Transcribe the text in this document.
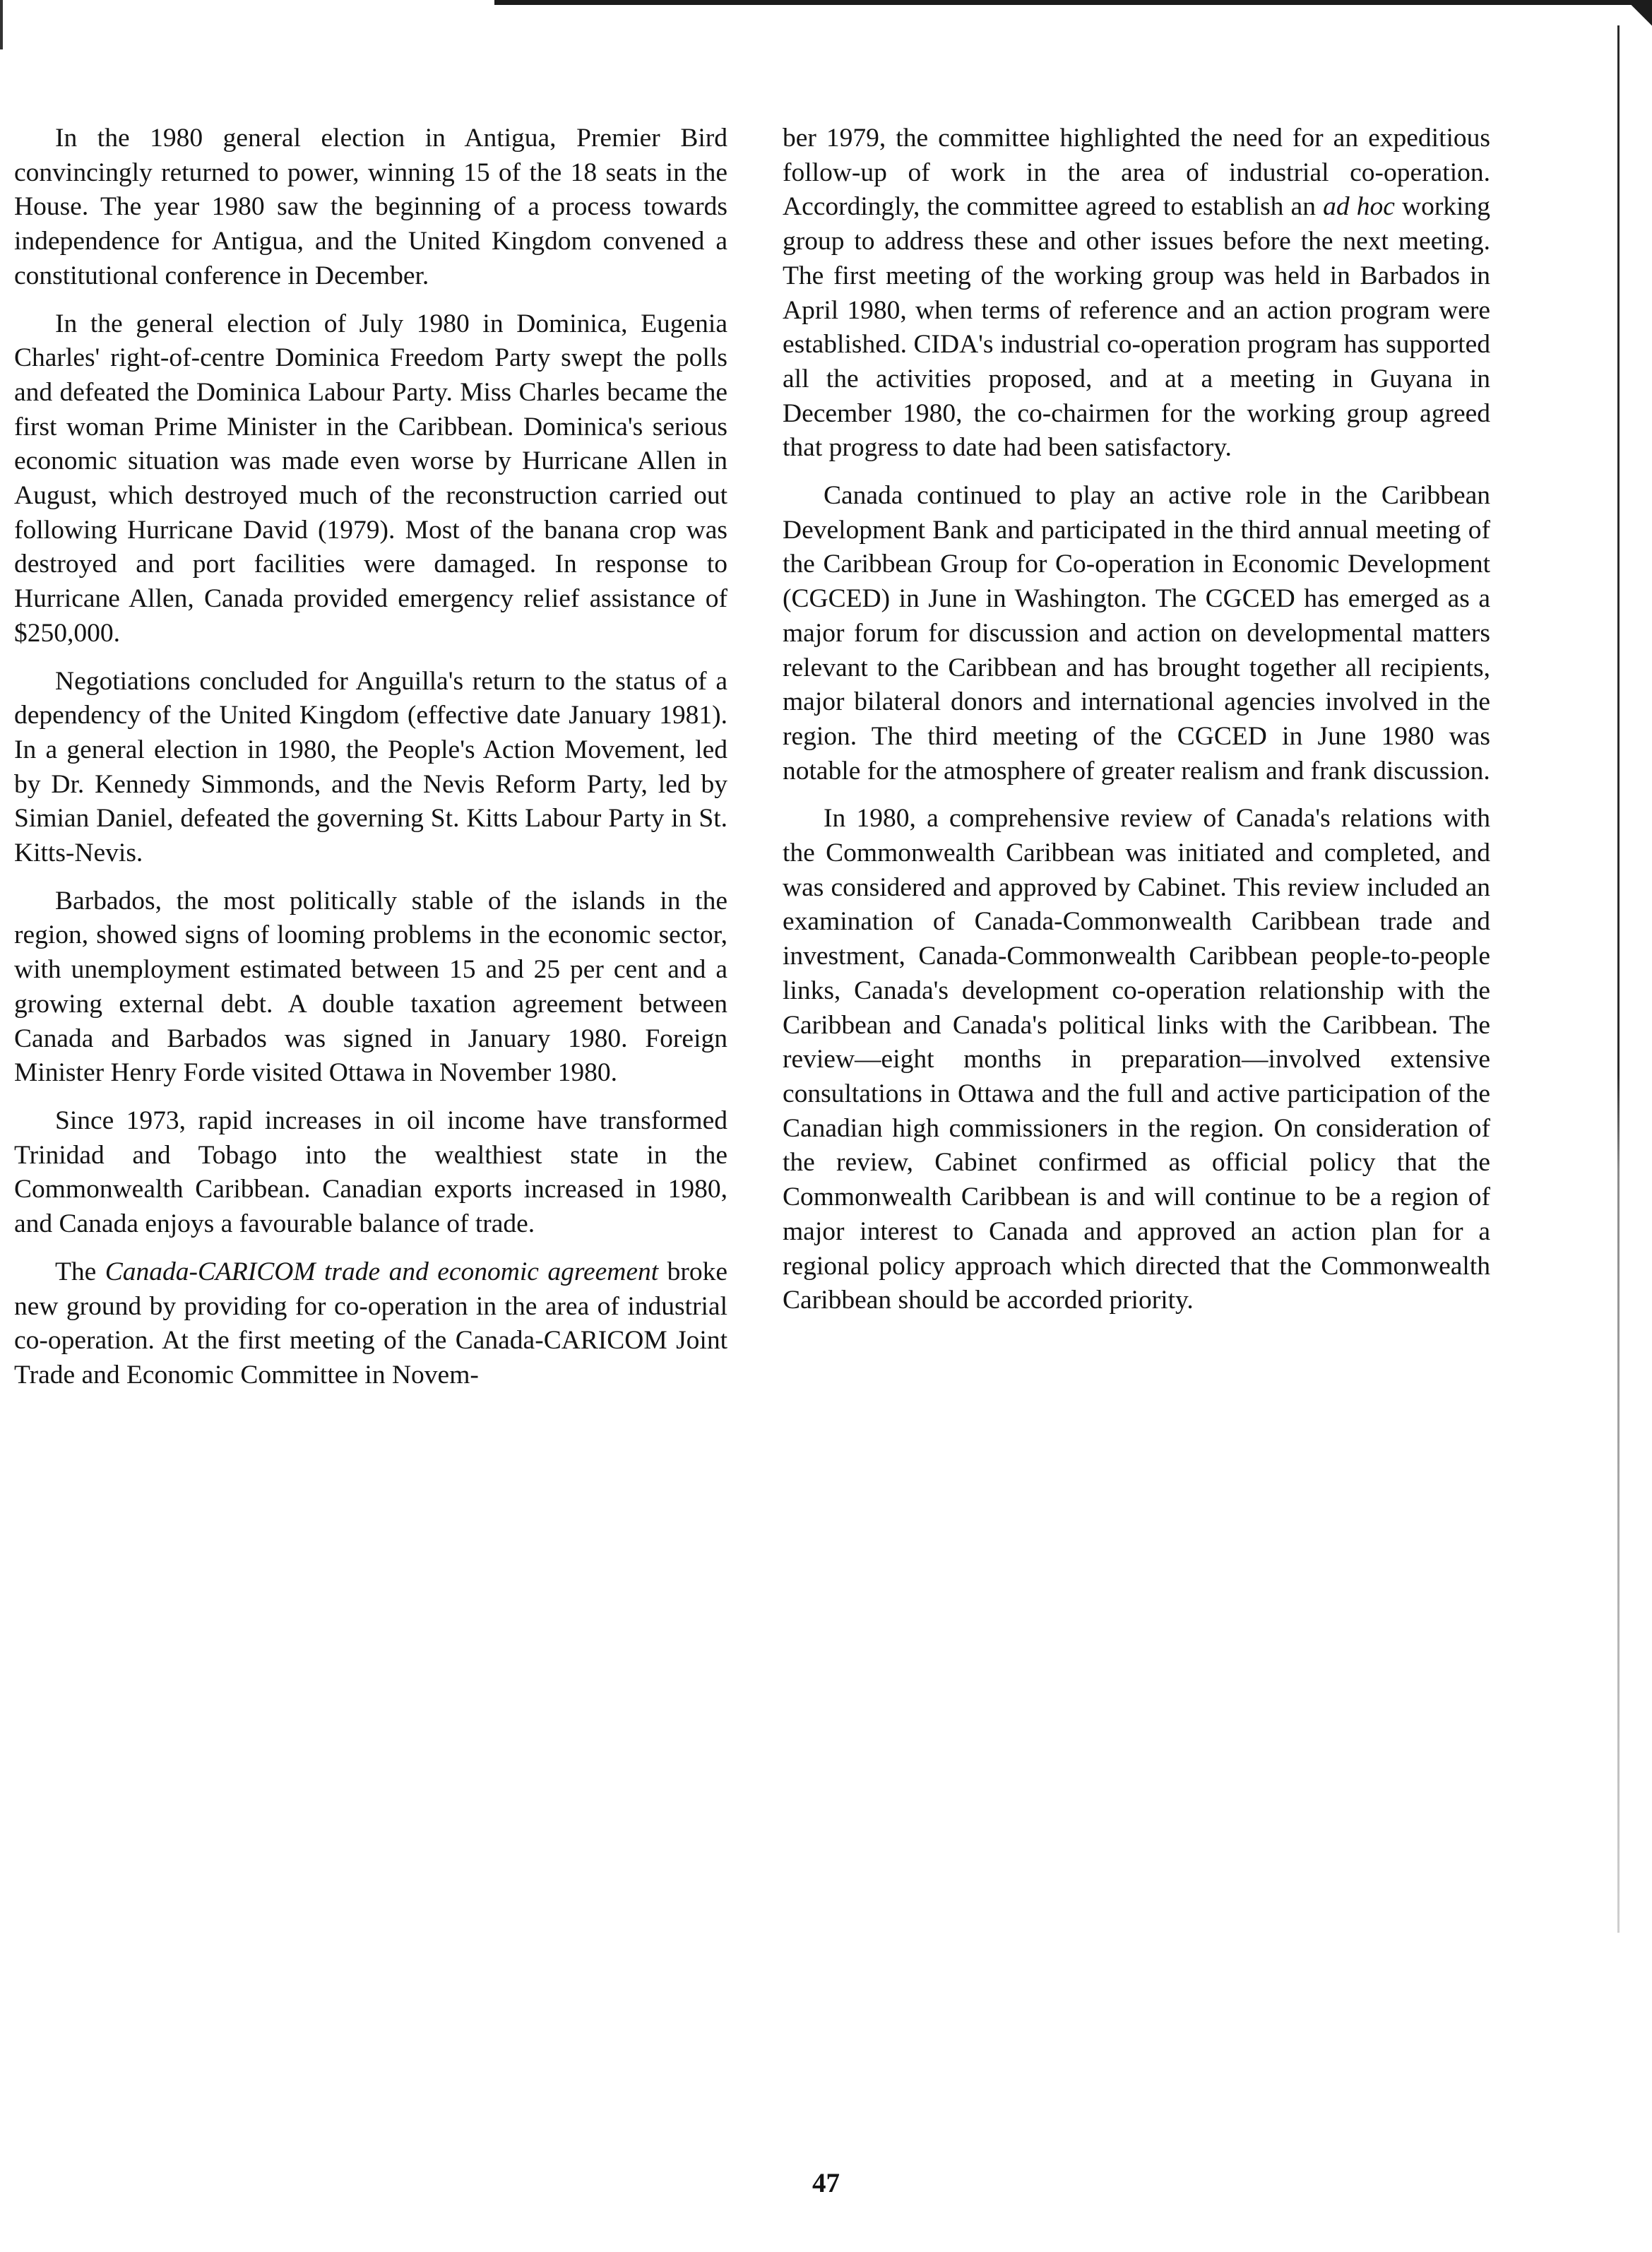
In the 1980 general election in Antigua, Premier Bird convincingly returned to power, winning 15 of the 18 seats in the House. The year 1980 saw the beginning of a process towards independence for Antigua, and the United Kingdom convened a constitutional conference in December.

In the general election of July 1980 in Dominica, Eugenia Charles' right-of-centre Dominica Freedom Party swept the polls and defeated the Dominica Labour Party. Miss Charles became the first woman Prime Minister in the Caribbean. Dominica's serious economic situation was made even worse by Hurricane Allen in August, which destroyed much of the reconstruction carried out following Hurricane David (1979). Most of the banana crop was destroyed and port facilities were damaged. In response to Hurricane Allen, Canada provided emergency relief assistance of $250,000.

Negotiations concluded for Anguilla's return to the status of a dependency of the United Kingdom (effective date January 1981). In a general election in 1980, the People's Action Movement, led by Dr. Kennedy Simmonds, and the Nevis Reform Party, led by Simian Daniel, defeated the governing St. Kitts Labour Party in St. Kitts-Nevis.

Barbados, the most politically stable of the islands in the region, showed signs of looming problems in the economic sector, with unemployment estimated between 15 and 25 per cent and a growing external debt. A double taxation agreement between Canada and Barbados was signed in January 1980. Foreign Minister Henry Forde visited Ottawa in November 1980.

Since 1973, rapid increases in oil income have transformed Trinidad and Tobago into the wealthiest state in the Commonwealth Caribbean. Canadian exports increased in 1980, and Canada enjoys a favourable balance of trade.

The Canada-CARICOM trade and economic agreement broke new ground by providing for co-operation in the area of industrial co-operation. At the first meeting of the Canada-CARICOM Joint Trade and Economic Committee in Novem-

ber 1979, the committee highlighted the need for an expeditious follow-up of work in the area of industrial co-operation. Accordingly, the committee agreed to establish an ad hoc working group to address these and other issues before the next meeting. The first meeting of the working group was held in Barbados in April 1980, when terms of reference and an action program were established. CIDA's industrial co-operation program has supported all the activities proposed, and at a meeting in Guyana in December 1980, the co-chairmen for the working group agreed that progress to date had been satisfactory.

Canada continued to play an active role in the Caribbean Development Bank and participated in the third annual meeting of the Caribbean Group for Co-operation in Economic Development (CGCED) in June in Washington. The CGCED has emerged as a major forum for discussion and action on developmental matters relevant to the Caribbean and has brought together all recipients, major bilateral donors and international agencies involved in the region. The third meeting of the CGCED in June 1980 was notable for the atmosphere of greater realism and frank discussion.

In 1980, a comprehensive review of Canada's relations with the Commonwealth Caribbean was initiated and completed, and was considered and approved by Cabinet. This review included an examination of Canada-Commonwealth Caribbean trade and investment, Canada-Commonwealth Caribbean people-to-people links, Canada's development co-operation relationship with the Caribbean and Canada's political links with the Caribbean. The review—eight months in preparation—involved extensive consultations in Ottawa and the full and active participation of the Canadian high commissioners in the region. On consideration of the review, Cabinet confirmed as official policy that the Commonwealth Caribbean is and will continue to be a region of major interest to Canada and approved an action plan for a regional policy approach which directed that the Commonwealth Caribbean should be accorded priority.

47
